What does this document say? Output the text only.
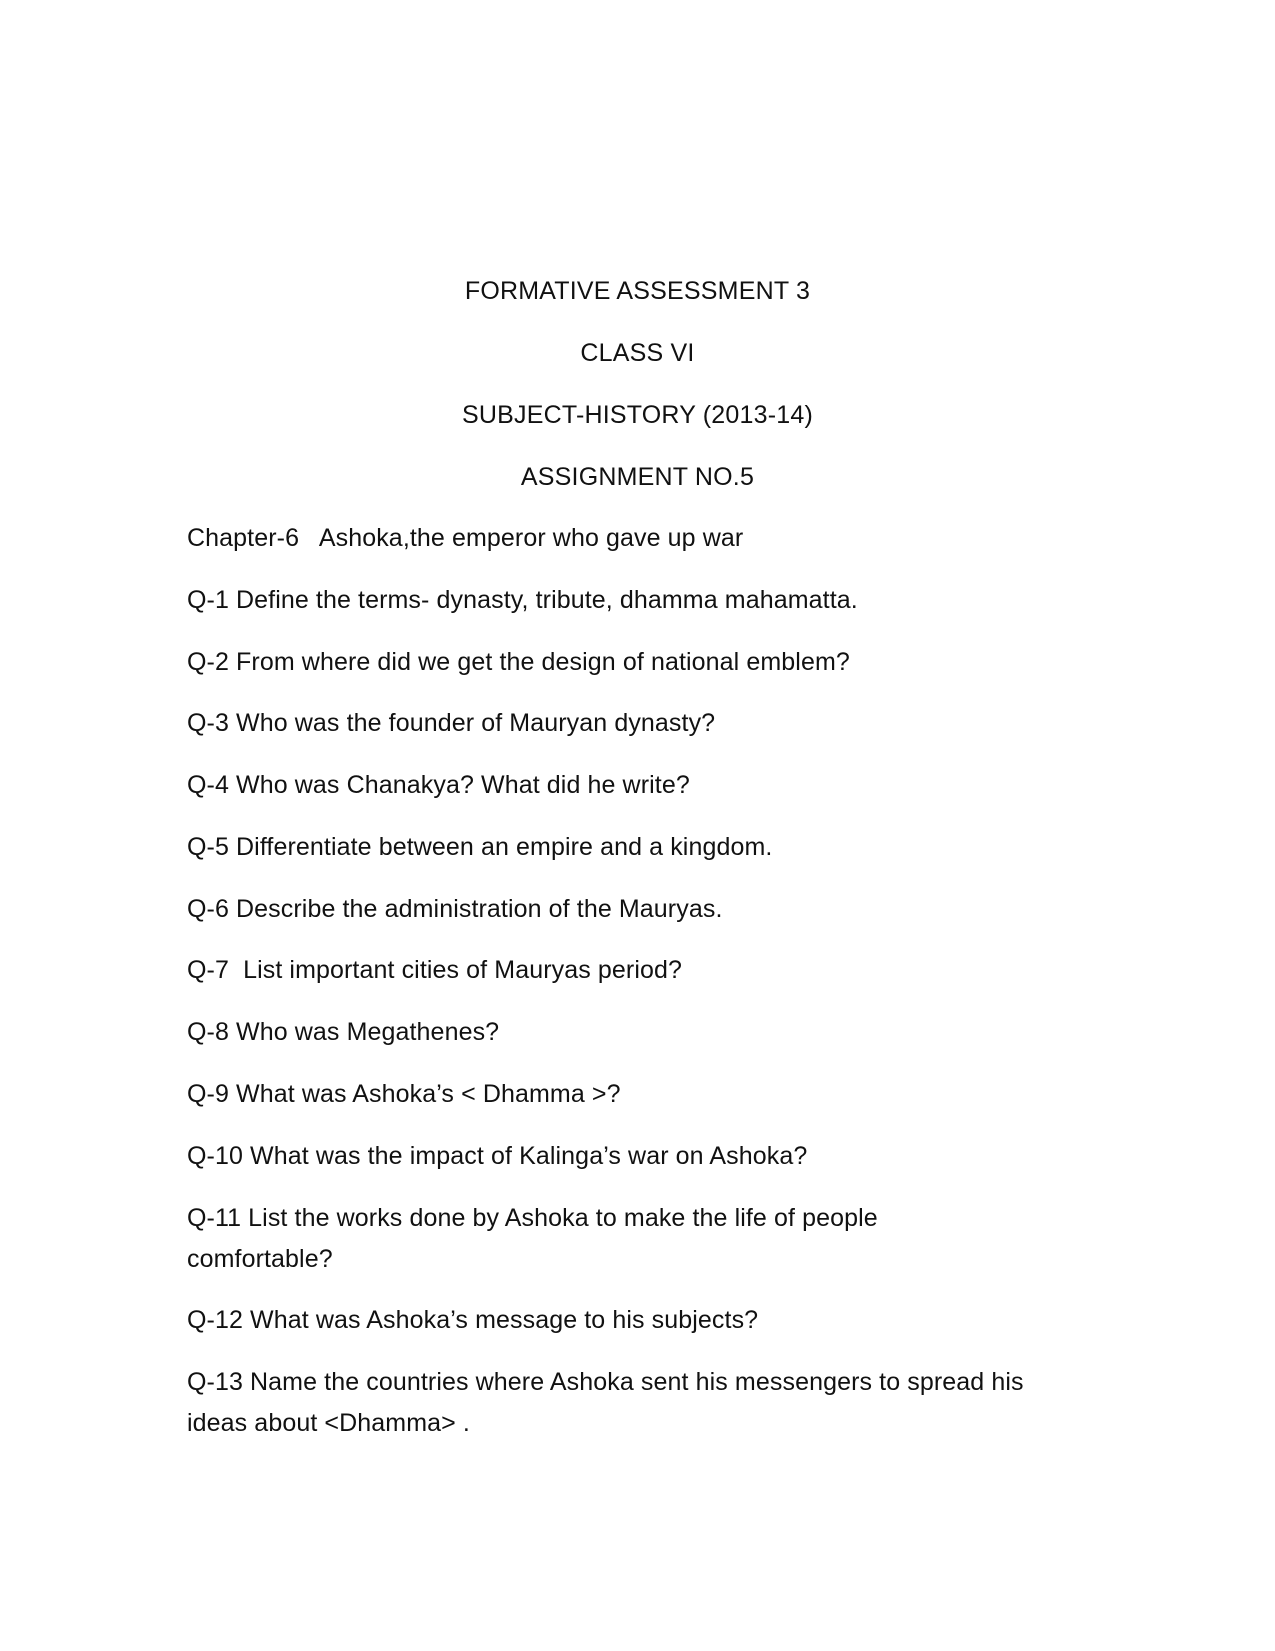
FORMATIVE ASSESSMENT 3
CLASS VI
SUBJECT-HISTORY (2013-14)
ASSIGNMENT NO.5
Chapter-6   Ashoka,the emperor who gave up war
Q-1 Define the terms- dynasty, tribute, dhamma mahamatta.
Q-2 From where did we get the design of national emblem?
Q-3 Who was the founder of Mauryan dynasty?
Q-4 Who was Chanakya? What did he write?
Q-5 Differentiate between an empire and a kingdom.
Q-6 Describe the administration of the Mauryas.
Q-7  List important cities of Mauryas period?
Q-8 Who was Megathenes?
Q-9 What was Ashoka’s < Dhamma >?
Q-10 What was the impact of Kalinga’s war on Ashoka?
Q-11 List the works done by Ashoka to make the life of people comfortable?
Q-12 What was Ashoka’s message to his subjects?
Q-13 Name the countries where Ashoka sent his messengers to spread his ideas about <Dhamma> .
